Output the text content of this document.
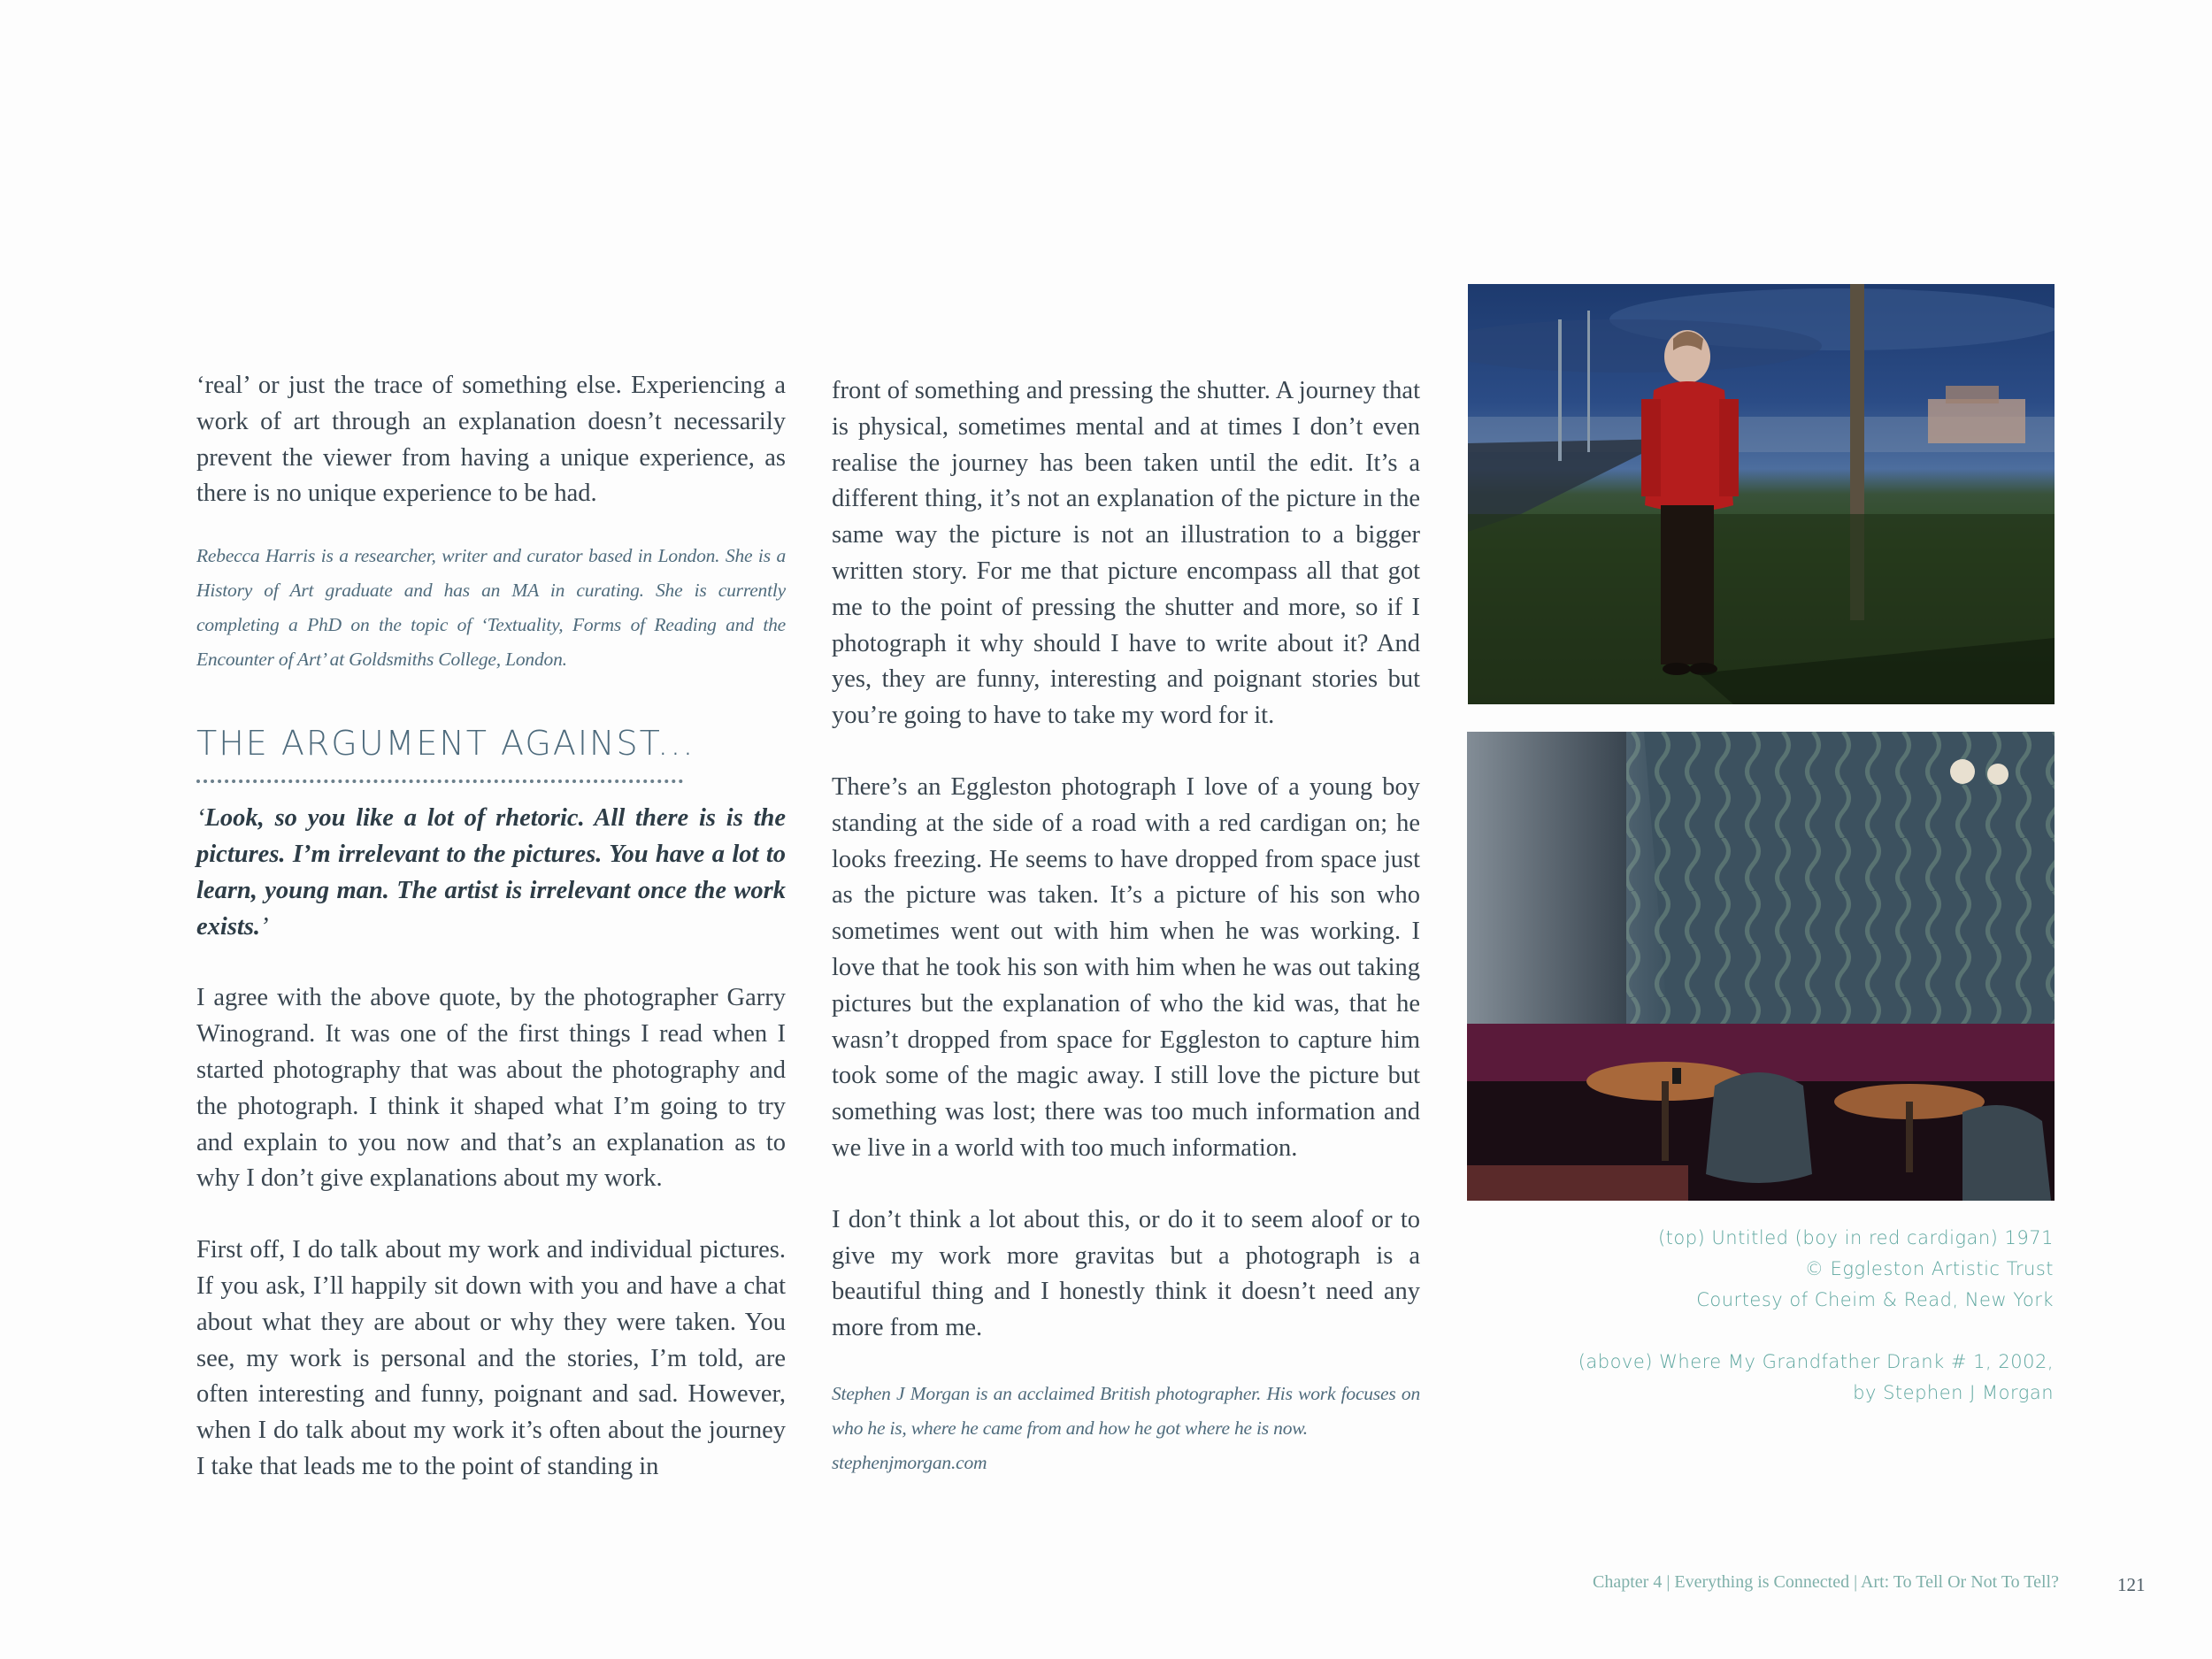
‘real’ or just the trace of something else. Experiencing a work of art through an explanation doesn’t necessarily prevent the viewer from having a unique experience, as there is no unique experience to be had.

Rebecca Harris is a researcher, writer and curator based in London. She is a History of Art graduate and has an MA in curating. She is currently completing a PhD on the topic of ‘Textuality, Forms of Reading and the Encounter of Art’ at Goldsmiths College, London.

THE ARGUMENT AGAINST...
‘Look, so you like a lot of rhetoric. All there is is the pictures. I’m irrelevant to the pictures. You have a lot to learn, young man. The artist is irrelevant once the work exists.’

I agree with the above quote, by the photographer Garry Winogrand. It was one of the first things I read when I started photography that was about the photography and the photograph. I think it shaped what I’m going to try and explain to you now and that’s an explanation as to why I don’t give explanations about my work.

First off, I do talk about my work and individual pictures. If you ask, I’ll happily sit down with you and have a chat about what they are about or why they were taken. You see, my work is personal and the stories, I’m told, are often interesting and funny, poignant and sad. However, when I do talk about my work it’s often about the journey I take that leads me to the point of standing in

front of something and pressing the shutter. A journey that is physical, sometimes mental and at times I don’t even realise the journey has been taken until the edit. It’s a different thing, it’s not an explanation of the picture in the same way the picture is not an illustration to a bigger written story. For me that picture encompass all that got me to the point of pressing the shutter and more, so if I photograph it why should I have to write about it? And yes, they are funny, interesting and poignant stories but you’re going to have to take my word for it.

There’s an Eggleston photograph I love of a young boy standing at the side of a road with a red cardigan on; he looks freezing. He seems to have dropped from space just as the picture was taken. It’s a picture of his son who sometimes went out with him when he was working. I love that he took his son with him when he was out taking pictures but the explanation of who the kid was, that he wasn’t dropped from space for Eggleston to capture him took some of the magic away. I still love the picture but something was lost; there was too much information and we live in a world with too much information.

I don’t think a lot about this, or do it to seem aloof or to give my work more gravitas but a photograph is a beautiful thing and I honestly think it doesn’t need any more from me.

Stephen J Morgan is an acclaimed British photographer. His work focuses on who he is, where he came from and how he got where he is now.
stephenjmorgan.com

(top) Untitled (boy in red cardigan) 1971
© Eggleston Artistic Trust
Courtesy of Cheim & Read, New York
(above) Where My Grandfather Drank # 1, 2002,
by Stephen J Morgan
Chapter 4 | Everything is Connected | Art: To Tell Or Not To Tell?	121
